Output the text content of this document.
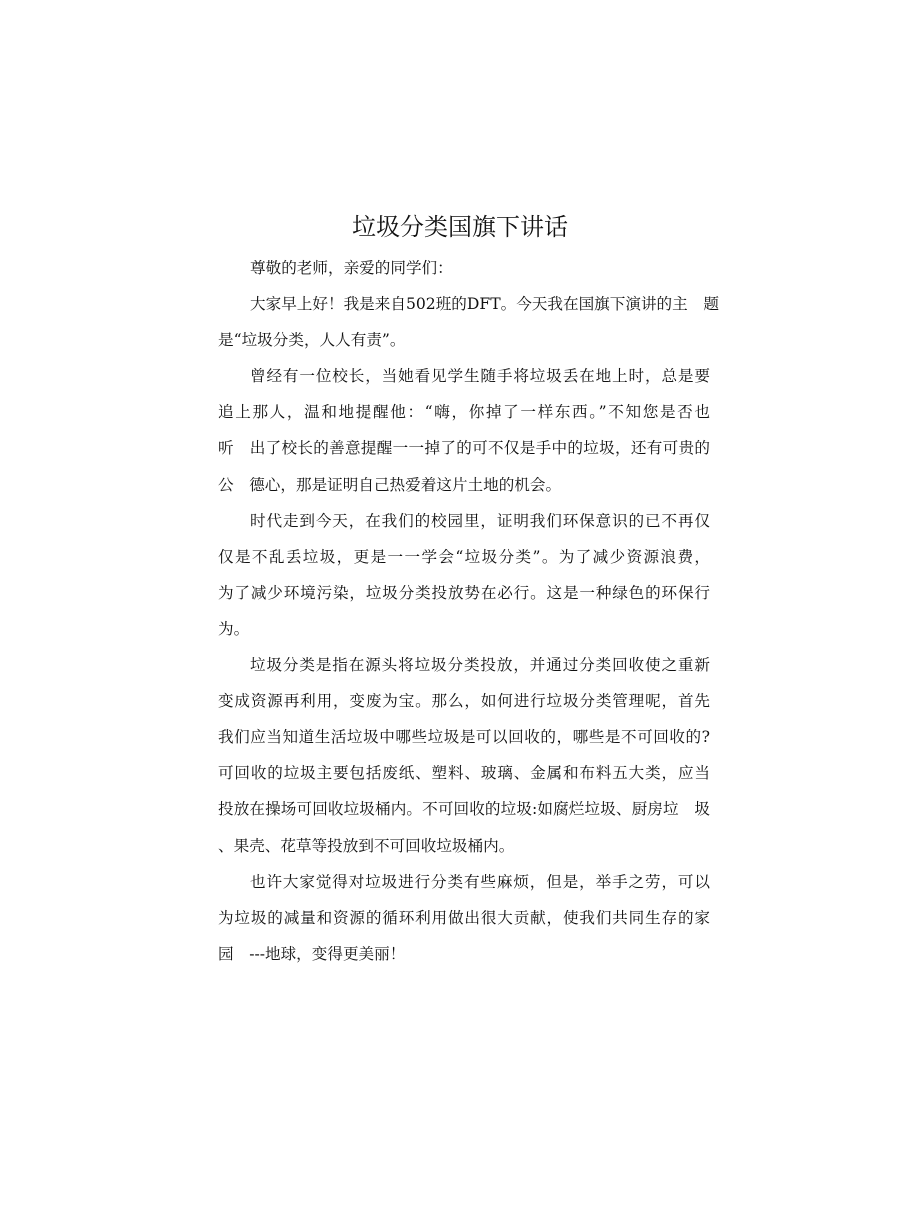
垃圾分类国旗下讲话
尊敬的老师，亲爱的同学们：
大家早上好！我是来自502班的DFT。今天我在国旗下演讲的主　题
是“垃圾分类，人人有责”。
曾经有一位校长，当她看见学生随手将垃圾丢在地上时，总是要
追上那人，温和地提醒他：“嗨，你掉了一样东西。”不知您是否也
听　出了校长的善意提醒一一掉了的可不仅是手中的垃圾，还有可贵的
公　德心，那是证明自己热爱着这片土地的机会。
时代走到今天，在我们的校园里，证明我们环保意识的已不再仅
仅是不乱丢垃圾，更是一一学会“垃圾分类”。为了减少资源浪费，
为了减少环境污染，垃圾分类投放势在必行。这是一种绿色的环保行
为。
垃圾分类是指在源头将垃圾分类投放，并通过分类回收使之重新
变成资源再利用，变废为宝。那么，如何进行垃圾分类管理呢，首先
我们应当知道生活垃圾中哪些垃圾是可以回收的，哪些是不可回收的?
可回收的垃圾主要包括废纸、塑料、玻璃、金属和布料五大类，应当
投放在操场可回收垃圾桶内。不可回收的垃圾:如腐烂垃圾、厨房垃　圾
、果壳、花草等投放到不可回收垃圾桶内。
也许大家觉得对垃圾进行分类有些麻烦，但是，举手之劳，可以
为垃圾的减量和资源的循环利用做出很大贡献，使我们共同生存的家
园　---地球，变得更美丽！
